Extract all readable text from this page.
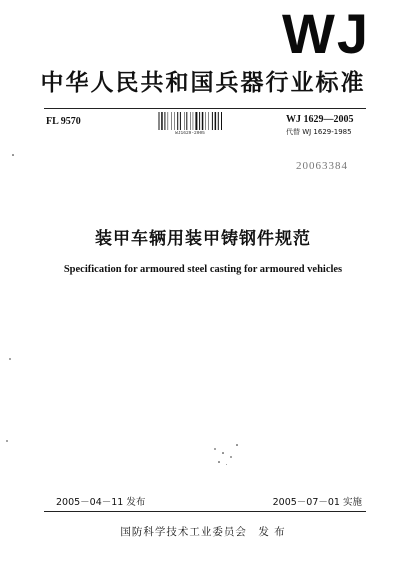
WJ
中华人民共和国兵器行业标准
FL 9570
WJ1629-2005
WJ 1629—2005
代替 WJ 1629-1985
20063384
装甲车辆用装甲铸钢件规范
Specification for armoured steel casting for armoured vehicles
2005－04－11 发布	2005－07－01 实施
国防科学技术工业委员会　发 布
